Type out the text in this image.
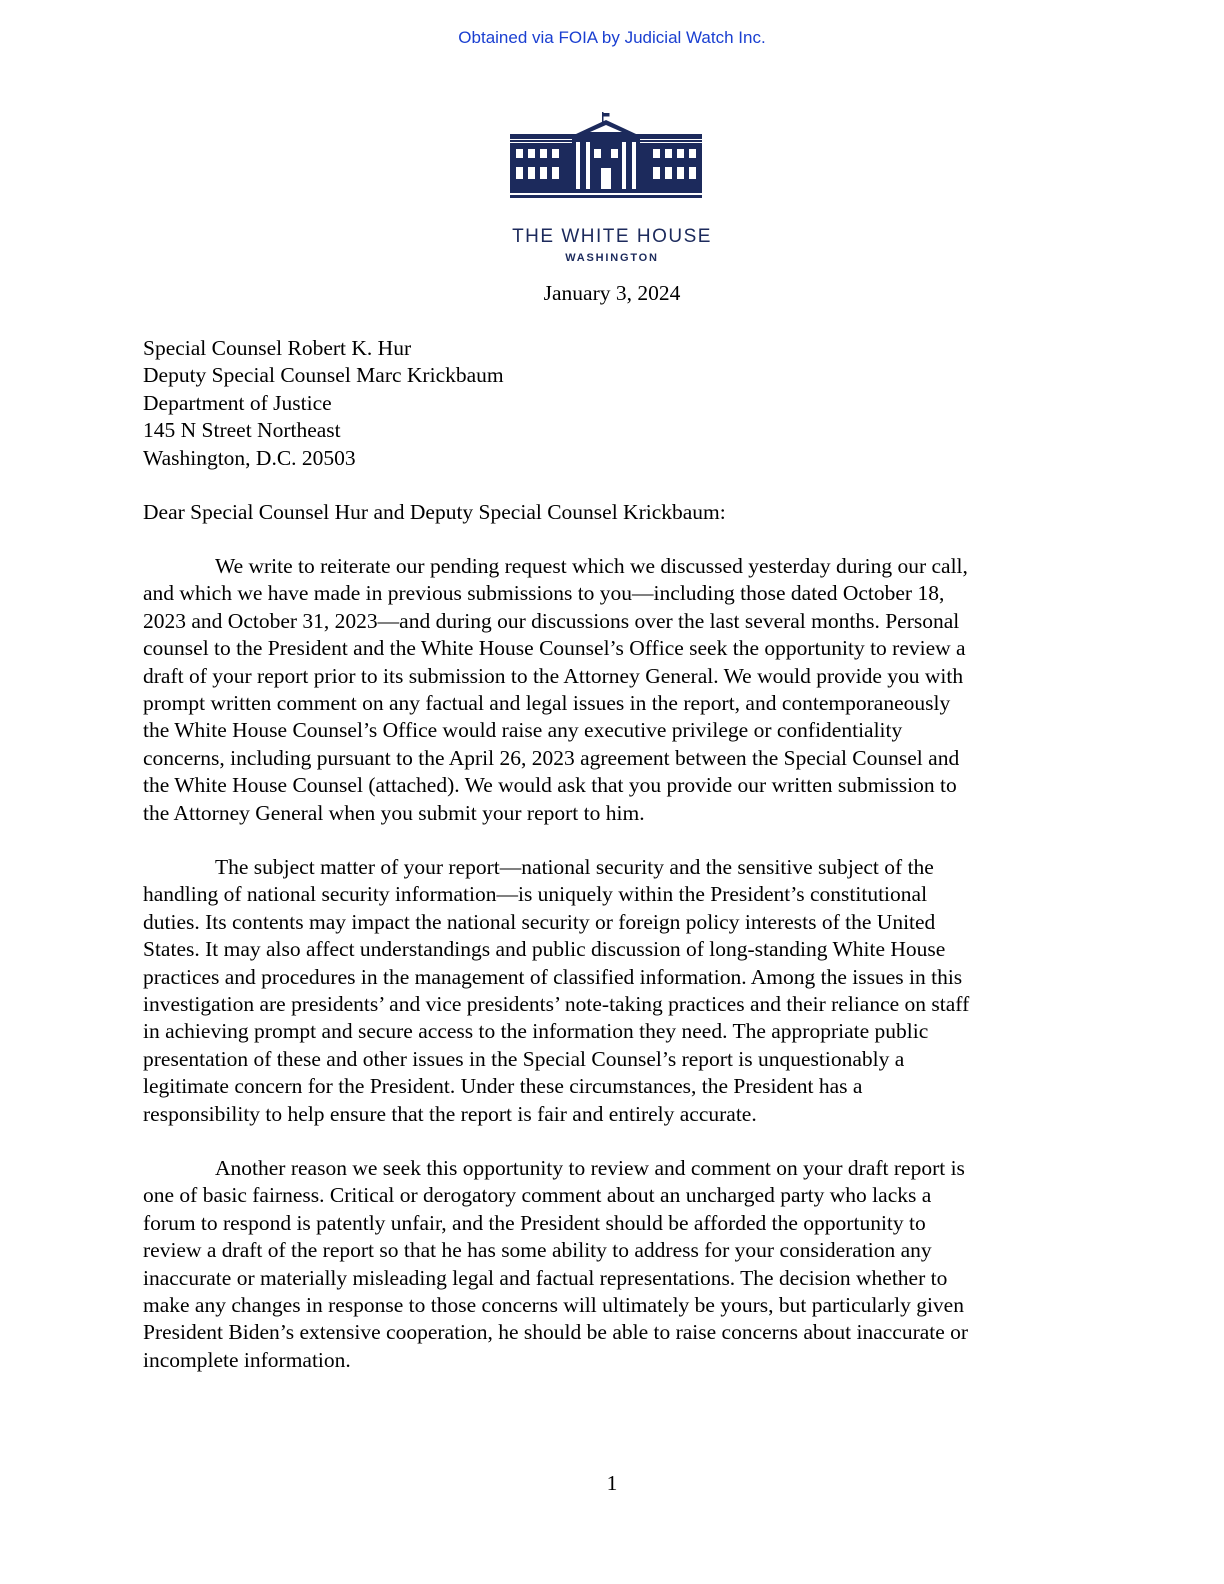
Obtained via FOIA by Judicial Watch Inc.
THE WHITE HOUSE
WASHINGTON
January 3, 2024
Special Counsel Robert K. Hur
Deputy Special Counsel Marc Krickbaum
Department of Justice
145 N Street Northeast
Washington, D.C. 20503
Dear Special Counsel Hur and Deputy Special Counsel Krickbaum:
We write to reiterate our pending request which we discussed yesterday during our call,
and which we have made in previous submissions to you—including those dated October 18,
2023 and October 31, 2023—and during our discussions over the last several months. Personal
counsel to the President and the White House Counsel’s Office seek the opportunity to review a
draft of your report prior to its submission to the Attorney General. We would provide you with
prompt written comment on any factual and legal issues in the report, and contemporaneously
the White House Counsel’s Office would raise any executive privilege or confidentiality
concerns, including pursuant to the April 26, 2023 agreement between the Special Counsel and
the White House Counsel (attached). We would ask that you provide our written submission to
the Attorney General when you submit your report to him.
The subject matter of your report—national security and the sensitive subject of the
handling of national security information—is uniquely within the President’s constitutional
duties. Its contents may impact the national security or foreign policy interests of the United
States. It may also affect understandings and public discussion of long-standing White House
practices and procedures in the management of classified information. Among the issues in this
investigation are presidents’ and vice presidents’ note-taking practices and their reliance on staff
in achieving prompt and secure access to the information they need. The appropriate public
presentation of these and other issues in the Special Counsel’s report is unquestionably a
legitimate concern for the President. Under these circumstances, the President has a
responsibility to help ensure that the report is fair and entirely accurate.
Another reason we seek this opportunity to review and comment on your draft report is
one of basic fairness. Critical or derogatory comment about an uncharged party who lacks a
forum to respond is patently unfair, and the President should be afforded the opportunity to
review a draft of the report so that he has some ability to address for your consideration any
inaccurate or materially misleading legal and factual representations. The decision whether to
make any changes in response to those concerns will ultimately be yours, but particularly given
President Biden’s extensive cooperation, he should be able to raise concerns about inaccurate or
incomplete information.
1
